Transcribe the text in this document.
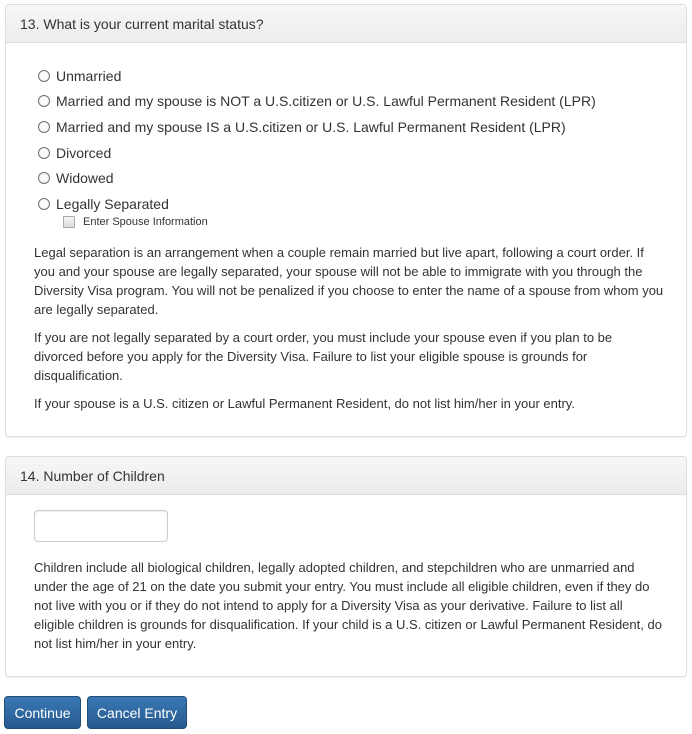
13. What is your current marital status?
Unmarried
Married and my spouse is NOT a U.S.citizen or U.S. Lawful Permanent Resident (LPR)
Married and my spouse IS a U.S.citizen or U.S. Lawful Permanent Resident (LPR)
Divorced
Widowed
Legally Separated
Enter Spouse Information

Legal separation is an arrangement when a couple remain married but live apart, following a court order. If you and your spouse are legally separated, your spouse will not be able to immigrate with you through the Diversity Visa program. You will not be penalized if you choose to enter the name of a spouse from whom you are legally separated.

If you are not legally separated by a court order, you must include your spouse even if you plan to be divorced before you apply for the Diversity Visa. Failure to list your eligible spouse is grounds for disqualification.

If your spouse is a U.S. citizen or Lawful Permanent Resident, do not list him/her in your entry.

14. Number of Children

Children include all biological children, legally adopted children, and stepchildren who are unmarried and under the age of 21 on the date you submit your entry. You must include all eligible children, even if they do not live with you or if they do not intend to apply for a Diversity Visa as your derivative. Failure to list all eligible children is grounds for disqualification. If your child is a U.S. citizen or Lawful Permanent Resident, do not list him/her in your entry.

Continue	Cancel Entry
